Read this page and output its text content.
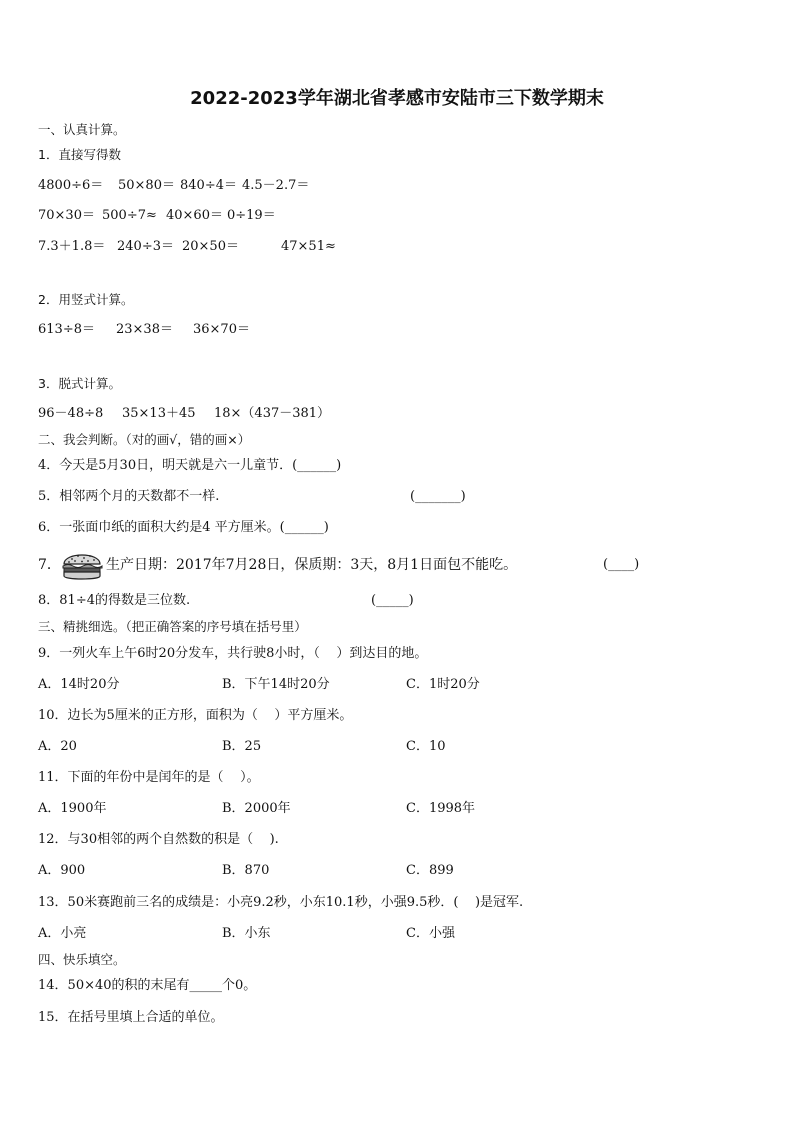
2022-2023学年湖北省孝感市安陆市三下数学期末
一、认真计算。
1．直接写得数
4800÷6＝ 50×80＝ 840÷4＝ 4.5－2.7＝
70×30＝ 500÷7≈ 40×60＝ 0÷19＝
7.3＋1.8＝ 240÷3＝ 20×50＝	47×51≈
2．用竖式计算。
613÷8＝ 23×38＝ 36×70＝
3．脱式计算。
96－48÷8 35×13＋45 18×（437－381）
二、我会判断。（对的画√，错的画×）
4．今天是5月30日，明天就是六一儿童节．(______)
5．相邻两个月的天数都不一样.	(_______)
6．一张面巾纸的面积大约是4 平方厘米。(______)
7．	生产日期：2017年7月28日，保质期：3天，8月1日面包不能吃。	(____)
8．81÷4的得数是三位数.	(_____)
三、精挑细选。（把正确答案的序号填在括号里）
9．一列火车上午6时20分发车，共行驶8小时，（    ）到达目的地。
A．14时20分	B．下午14时20分	C．1时20分
10．边长为5厘米的正方形，面积为（    ）平方厘米。
A．20	B．25	C．10
11．下面的年份中是闰年的是（    ）。
A．1900年	B．2000年	C．1998年
12．与30相邻的两个自然数的积是（    ).
A．900	B．870	C．899
13．50米赛跑前三名的成绩是：小亮9.2秒，小东10.1秒，小强9.5秒．(    )是冠军.
A．小亮	B．小东	C．小强
四、快乐填空。
14．50×40的积的末尾有_____个0。
15．在括号里填上合适的单位。
